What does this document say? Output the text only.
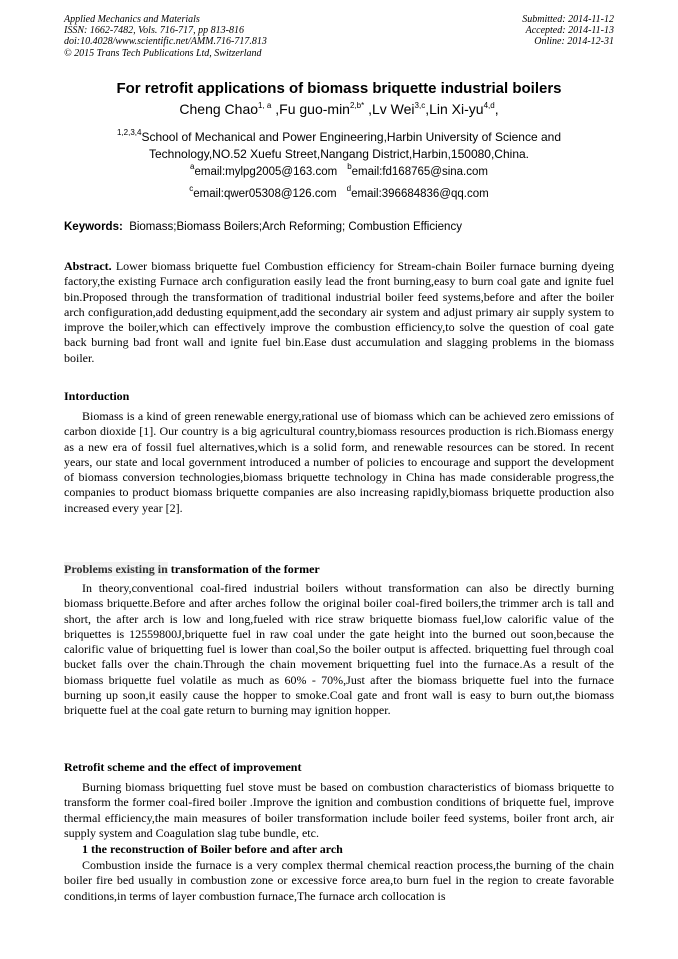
Applied Mechanics and Materials
ISSN: 1662-7482, Vols. 716-717, pp 813-816
doi:10.4028/www.scientific.net/AMM.716-717.813
© 2015 Trans Tech Publications Ltd, Switzerland
Submitted: 2014-11-12
Accepted: 2014-11-13
Online: 2014-12-31
For retrofit applications of biomass briquette industrial boilers
Cheng Chao$^{1, a}$ ,Fu guo-$\min^{2,b*}$ ,Lv Wei$^{3,c}$,Lin Xi-yu$^{4,d}$,
$^{1,2,3,4}$School of Mechanical and Power Engineering,Harbin University of Science and
Technology,NO.52 Xuefu Street,Nangang District,Harbin,150080,China.
$^a$email:mylpg2005@163.com $^b$email:fd168765@sina.com
$^c$email:qwer05308@126.com $^d$email:396684836@qq.com
Keywords: Biomass;Biomass Boilers;Arch Reforming; Combustion Efficiency

Abstract. Lower biomass briquette fuel Combustion efficiency for Stream-chain Boiler furnace burning dyeing factory,the existing Furnace arch configuration easily lead the front burning,easy to burn coal gate and ignite fuel bin.Proposed through the transformation of traditional industrial boiler feed systems,before and after the boiler arch configuration,add dedusting equipment,add the secondary air system and adjust primary air supply system to improve the boiler,which can effectively improve the combustion efficiency,to solve the question of coal gate back burning bad front wall and ignite fuel bin.Ease dust accumulation and slagging problems in the biomass boiler.

Intorduction

Biomass is a kind of green renewable energy,rational use of biomass which can be achieved zero emissions of carbon dioxide [1]. Our country is a big agricultural country,biomass resources production is rich.Biomass energy as a new era of fossil fuel alternatives,which is a solid form, and renewable resources can be stored. In recent years, our state and local government introduced a number of policies to encourage and support the development of biomass conversion technologies,biomass briquette technology in China has made considerable progress,the companies to product biomass briquette companies are also increasing rapidly,biomass briquette production also increased every year [2].

Problems existing in transformation of the former

In theory,conventional coal-fired industrial boilers without transformation can also be directly burning biomass briquette.Before and after arches follow the original boiler coal-fired boilers,the trimmer arch is tall and short, the after arch is low and long,fueled with rice straw briquette biomass fuel,low calorific value of the briquettes is 12559800J,briquette fuel in raw coal under the gate height into the burned out soon,because the calorific value of briquetting fuel is lower than coal,So the boiler output is affected. briquetting fuel through coal bucket falls over the chain.Through the chain movement briquetting fuel into the furnace.As a result of the biomass briquette fuel volatile as much as 60% - 70%,Just after the biomass briquette fuel into the furnace burning up soon,it easily cause the hopper to smoke.Coal gate and front wall is easy to burn out,the biomass briquette fuel at the coal gate return to burning may ignition hopper.

Retrofit scheme and the effect of improvement

Burning biomass briquetting fuel stove must be based on combustion characteristics of biomass briquette to transform the former coal-fired boiler .Improve the ignition and combustion conditions of briquette fuel, improve thermal efficiency,the main measures of boiler transformation include boiler feed systems, boiler front arch, air supply system and Coagulation slag tube bundle, etc.

1 the reconstruction of Boiler before and after arch

Combustion inside the furnace is a very complex thermal chemical reaction process,the burning of the chain boiler fire bed usually in combustion zone or excessive force area,to burn fuel in the region to create favorable conditions,in terms of layer combustion furnace,The furnace arch collocation is
